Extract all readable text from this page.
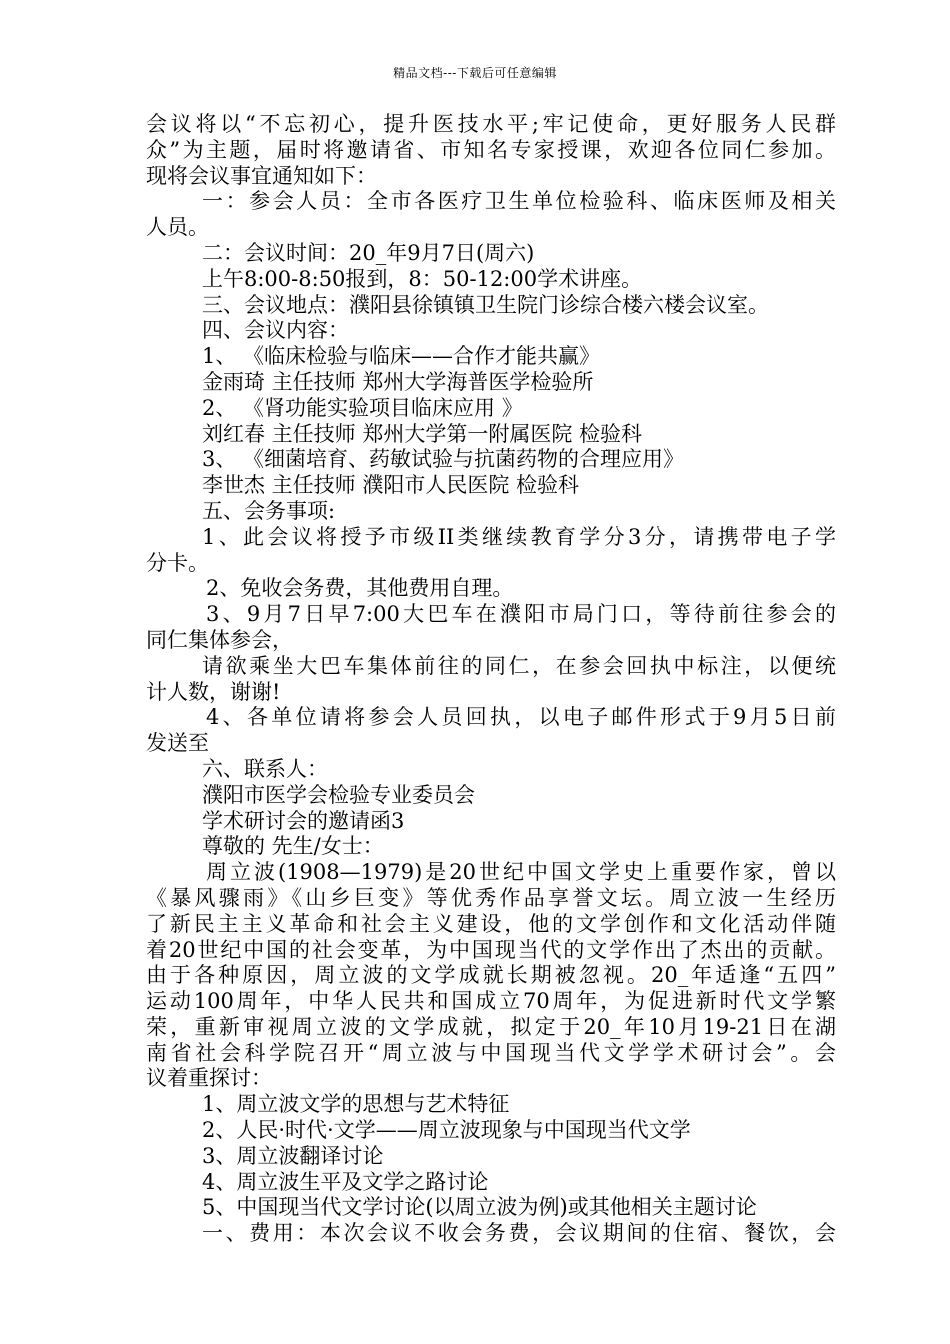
精品文档---下载后可任意编辑
会议将以“不忘初心，提升医技水平;牢记使命，更好服务人民群
众”为主题，届时将邀请省、市知名专家授课，欢迎各位同仁参加。
现将会议事宜通知如下：
一：参会人员：全市各医疗卫生单位检验科、临床医师及相关
人员。
二：会议时间：20_年9月7日(周六)
上午8:00-8:50报到，8：50-12:00学术讲座。
三、会议地点：濮阳县徐镇镇卫生院门诊综合楼六楼会议室。
四、会议内容：
1、 《临床检验与临床——合作才能共赢》
金雨琦 主任技师 郑州大学海普医学检验所
2、 《肾功能实验项目临床应用 》
刘红春 主任技师 郑州大学第一附属医院 检验科
3、 《细菌培育、药敏试验与抗菌药物的合理应用》
李世杰 主任技师 濮阳市人民医院 检验科
五、会务事项:
1、此会议将授予市级II类继续教育学分3分，请携带电子学
分卡。
2、免收会务费，其他费用自理。
3、9月7日早7:00大巴车在濮阳市局门口，等待前往参会的
同仁集体参会，
请欲乘坐大巴车集体前往的同仁，在参会回执中标注，以便统
计人数，谢谢!
4、各单位请将参会人员回执，以电子邮件形式于9月5日前
发送至
六、联系人：
濮阳市医学会检验专业委员会
学术研讨会的邀请函3
尊敬的 先生/女士：
周立波(1908—1979)是20世纪中国文学史上重要作家，曾以
《暴风骤雨》《山乡巨变》等优秀作品享誉文坛。周立波一生经历
了新民主主义革命和社会主义建设，他的文学创作和文化活动伴随
着20世纪中国的社会变革，为中国现当代的文学作出了杰出的贡献。
由于各种原因，周立波的文学成就长期被忽视。20_年适逢“五四”
运动100周年，中华人民共和国成立70周年，为促进新时代文学繁
荣，重新审视周立波的文学成就，拟定于20_年10月19-21日在湖
南省社会科学院召开“周立波与中国现当代文学学术研讨会”。会
议着重探讨：
1、周立波文学的思想与艺术特征
2、人民·时代·文学——周立波现象与中国现当代文学
3、周立波翻译讨论
4、周立波生平及文学之路讨论
5、中国现当代文学讨论(以周立波为例)或其他相关主题讨论
一、费用：本次会议不收会务费，会议期间的住宿、餐饮，会
